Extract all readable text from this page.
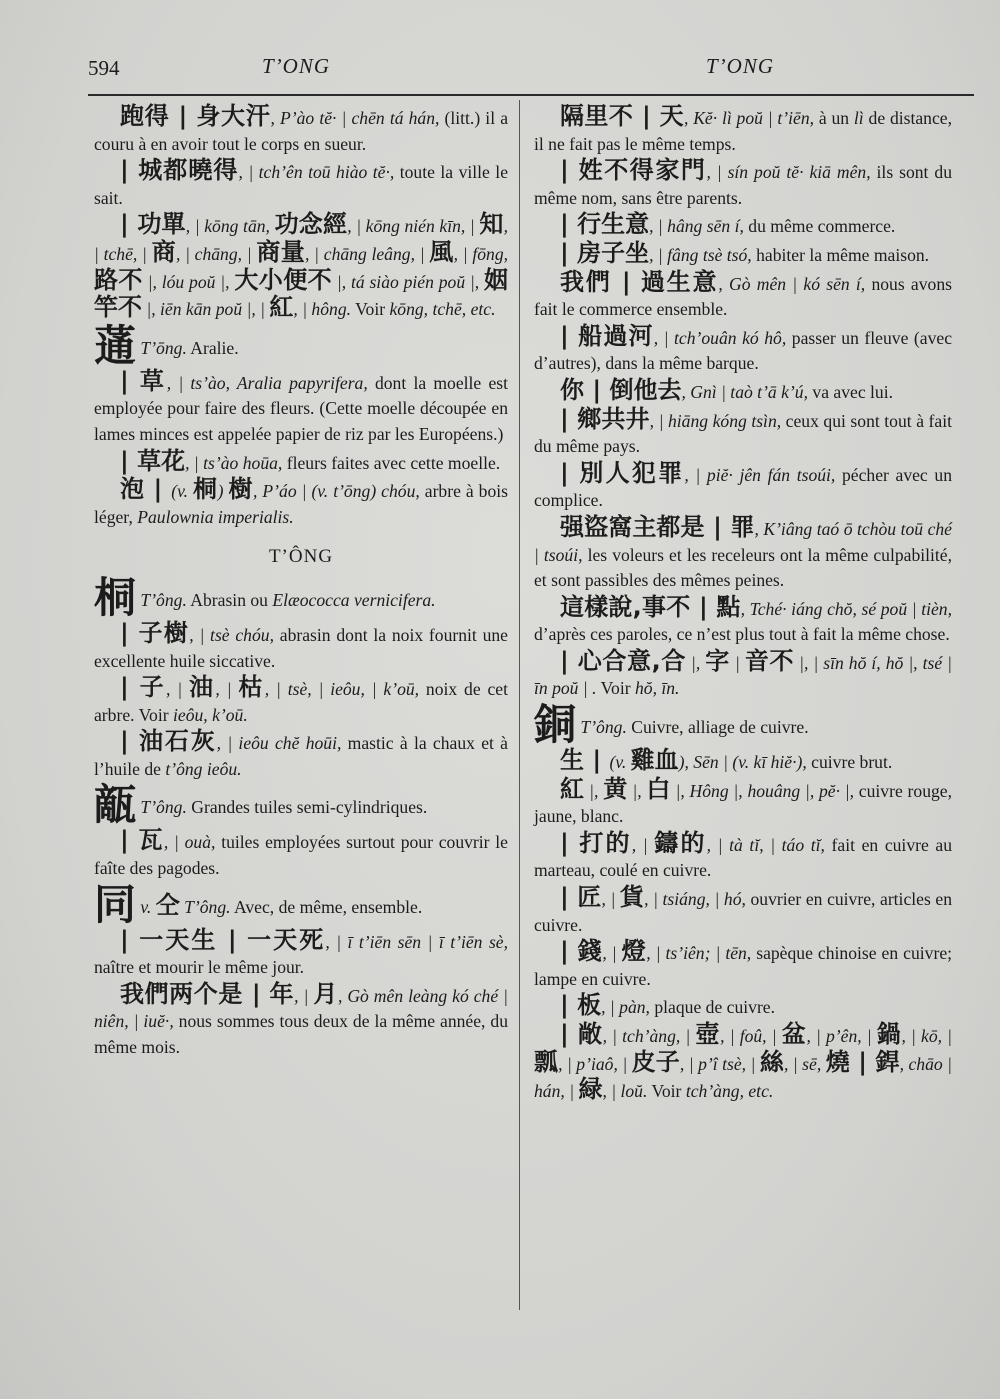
594	T’ONG	T’ONG
跑得 | 身大汗, P’ào tĕ· | chēn tá hán, (litt.) il a couru à en avoir tout le corps en sueur.
| 城都曉得, | tch’ên toū hiào tĕ·, toute la ville le sait.
| 功單, | kōng tān, 功念經, | kōng nién kīn, | 知, | tchē, | 商, | chāng, | 商量, | chāng leâng, | 風, | fōng, 路不 |, lóu poŭ |, 大小便不 |, tá siào pién poŭ |, 姻竿不 |, iēn kān poŭ |, | 紅, | hông. Voir kōng, tchē, etc.
蓪 T’ōng. Aralie.
| 草, | ts’ào, Aralia papyrifera, dont la moelle est employée pour faire des fleurs. (Cette moelle découpée en lames minces est appelée papier de riz par les Européens.)
| 草花, | ts’ào hoūa, fleurs faites avec cette moelle.
泡 | (v. 桐) 樹, P’áo | (v. t’ōng) chóu, arbre à bois léger, Paulownia imperialis.
T’ÔNG
桐 T’ông. Abrasin ou Elæococca vernicifera.
| 子樹, | tsè chóu, abrasin dont la noix fournit une excellente huile siccative.
| 子, | 油, | 枯, | tsè, | ieôu, | k’oū, noix de cet arbre. Voir ieôu, k’oū.
| 油石灰, | ieôu chĕ hoūi, mastic à la chaux et à l’huile de t’ông ieôu.
甋 T’ông. Grandes tuiles semi-cylindriques.
| 瓦, | ouà, tuiles employées surtout pour couvrir le faîte des pagodes.
同 v. 仝 T’ông. Avec, de même, ensemble.
| 一天生 | 一天死, | ī t’iēn sēn | ī t’iēn sè, naître et mourir le même jour.
我們两个是 | 年, | 月, Gò mên leàng kó ché | niên, | iuĕ·, nous sommes tous deux de la même année, du même mois.
隔里不 | 天, Kĕ· lì poŭ | t’iēn, à un lì de distance, il ne fait pas le même temps.
| 姓不得家門, | sín poŭ tĕ· kiā mên, ils sont du même nom, sans être parents.
| 行生意, | hâng sēn í, du même commerce.
| 房子坐, | fâng tsè tsó, habiter la même maison.
我們 | 過生意, Gò mên | kó sēn í, nous avons fait le commerce ensemble.
| 船過河, | tch’ouân kó hô, passer un fleuve (avec d’autres), dans la même barque.
你 | 倒他去, Gnì | taò t’ā k’ú, va avec lui.
| 鄉共井, | hiāng kóng tsìn, ceux qui sont tout à fait du même pays.
| 別人犯罪, | piĕ· jên fán tsoúi, pécher avec un complice.
强盜窩主都是 | 罪, K’iâng taó ō tchòu toū ché | tsoúi, les voleurs et les receleurs ont la même culpabilité, et sont passibles des mêmes peines.
這樣說,事不 | 點, Tché· iáng chŏ, sé poŭ | tièn, d’après ces paroles, ce n’est plus tout à fait la même chose.
| 心合意,合 |, 字 | 音不 |, | sīn hŏ í, hŏ |, tsé | īn poŭ | . Voir hŏ, īn.
銅 T’ông. Cuivre, alliage de cuivre.
生 | (v. 雞血), Sēn | (v. kī hiĕ·), cuivre brut.
紅 |, 黄 |, 白 |, Hông |, houâng |, pĕ· |, cuivre rouge, jaune, blanc.
| 打的, | 鑄的, | tà tĭ, | táo tĭ, fait en cuivre au marteau, coulé en cuivre.
| 匠, | 貨, | tsiáng, | hó, ouvrier en cuivre, articles en cuivre.
| 錢, | 燈, | ts’iên; | tēn, sapèque chinoise en cuivre; lampe en cuivre.
| 板, | pàn, plaque de cuivre.
| 敞, | tch’àng, | 壺, | foû, | 盆, | p’ên, | 鍋, | kō, | 瓢, | p’iaô, | 皮子, | p’î tsè, | 絲, | sē, 燒 | 銲, chāo | hán, | 緑, | loŭ. Voir tch’àng, etc.
